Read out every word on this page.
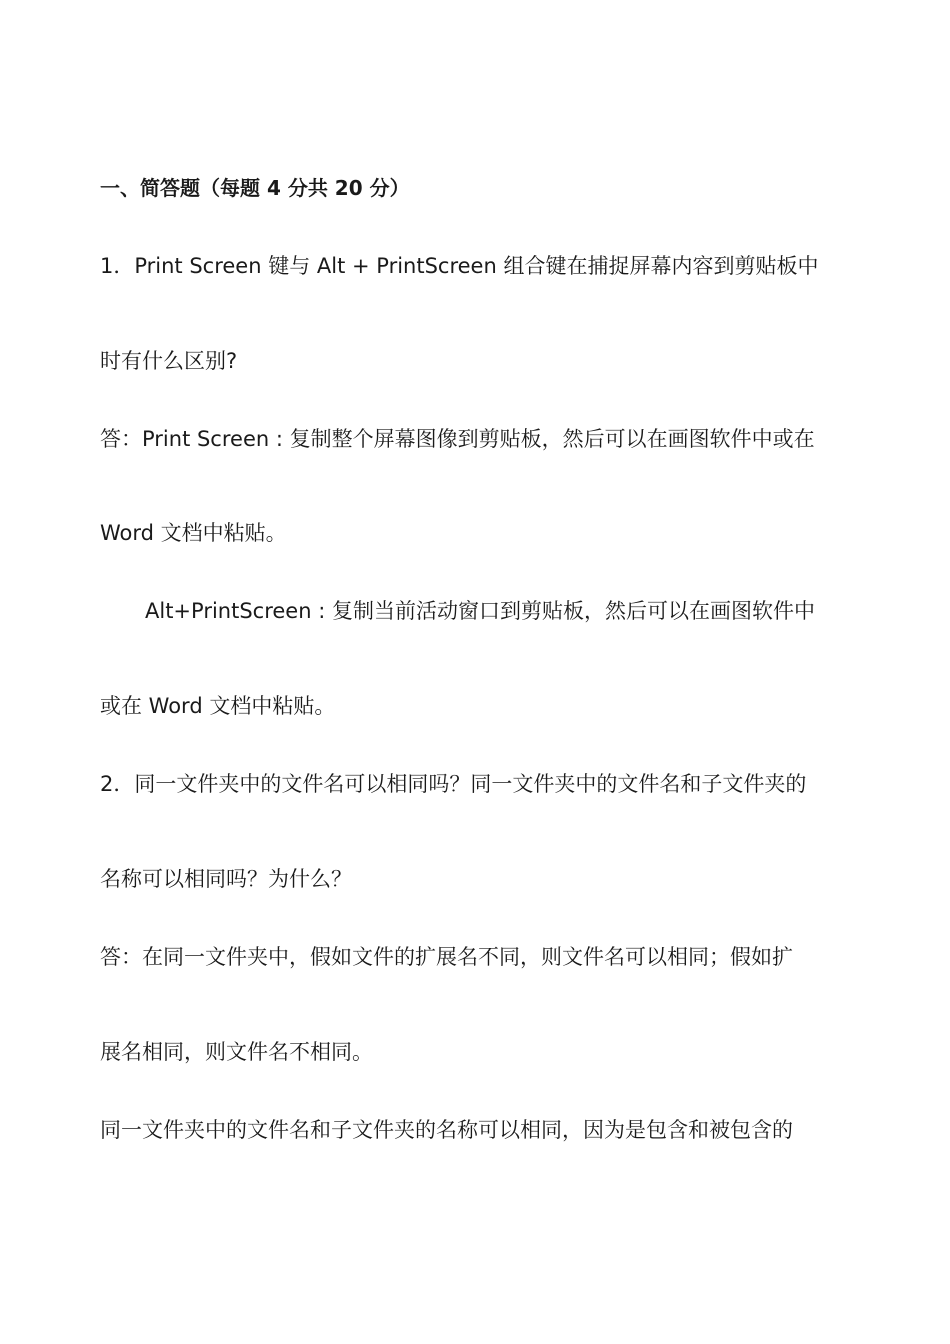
一、简答题（每题 4 分共 20 分）
1．Print Screen 键与 Alt + PrintScreen 组合键在捕捉屏幕内容到剪贴板中
时有什么区别?
答：Print Screen : 复制整个屏幕图像到剪贴板，然后可以在画图软件中或在
Word 文档中粘贴。
Alt+PrintScreen : 复制当前活动窗口到剪贴板，然后可以在画图软件中
或在 Word 文档中粘贴。
2．同一文件夹中的文件名可以相同吗？同一文件夹中的文件名和子文件夹的
名称可以相同吗？为什么？
答：在同一文件夹中，假如文件的扩展名不同，则文件名可以相同；假如扩
展名相同，则文件名不相同。
同一文件夹中的文件名和子文件夹的名称可以相同，因为是包含和被包含的
